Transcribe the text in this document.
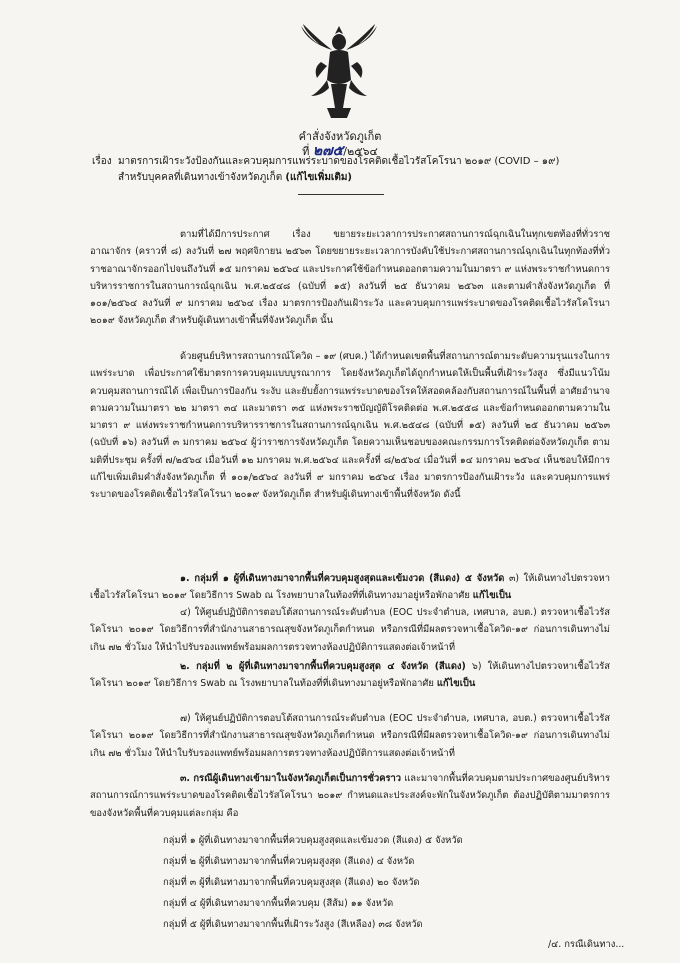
คำสั่งจังหวัดภูเก็ต
ที่ ๒๗๕/๒๕๖๔
เรื่อง มาตรการเฝ้าระวังป้องกันและควบคุมการแพร่ระบาดของโรคติดเชื้อไวรัสโคโรนา ๒๐๑๙ (COVID – ๑๙)
สำหรับบุคคลที่เดินทางเข้าจังหวัดภูเก็ต (แก้ไขเพิ่มเติม)
ตามที่ได้มีการประกาศ เรื่อง ขยายระยะเวลาการประกาศสถานการณ์ฉุกเฉินในทุกเขตท้องที่ทั่วราชอาณาจักร (คราวที่ ๘) ลงวันที่ ๒๗ พฤศจิกายน ๒๕๖๓ โดยขยายระยะเวลาการบังคับใช้ประกาศสถานการณ์ฉุกเฉินในทุกท้องที่ทั่วราชอาณาจักรออกไปจนถึงวันที่ ๑๕ มกราคม ๒๕๖๔ และประกาศใช้ข้อกำหนดออกตามความในมาตรา ๙ แห่งพระราชกำหนดการบริหารราชการในสถานการณ์ฉุกเฉิน พ.ศ.๒๕๔๘ (ฉบับที่ ๑๕) ลงวันที่ ๒๕ ธันวาคม ๒๕๖๓ และตามคำสั่งจังหวัดภูเก็ต ที่ ๑๐๑/๒๕๖๔ ลงวันที่ ๙ มกราคม ๒๕๖๔ เรื่อง มาตรการป้องกันเฝ้าระวัง และควบคุมการแพร่ระบาดของโรคติดเชื้อไวรัสโคโรนา ๒๐๑๙ จังหวัดภูเก็ต สำหรับผู้เดินทางเข้าพื้นที่จังหวัดภูเก็ต นั้น
ด้วยศูนย์บริหารสถานการณ์โควิด – ๑๙ (ศบค.) ได้กำหนดเขตพื้นที่สถานการณ์ตามระดับความรุนแรงในการแพร่ระบาด เพื่อประกาศใช้มาตรการควบคุมแบบบูรณาการ โดยจังหวัดภูเก็ตได้ถูกกำหนดให้เป็นพื้นที่เฝ้าระวังสูง ซึ่งมีแนวโน้มควบคุมสถานการณ์ได้ เพื่อเป็นการป้องกัน ระงับ และยับยั้งการแพร่ระบาดของโรคให้สอดคล้องกับสถานการณ์ในพื้นที่ อาศัยอำนาจตามความในมาตรา ๒๒ มาตรา ๓๔ และมาตรา ๓๕ แห่งพระราชบัญญัติโรคติดต่อ พ.ศ.๒๕๕๘ และข้อกำหนดออกตามความในมาตรา ๙ แห่งพระราชกำหนดการบริหารราชการในสถานการณ์ฉุกเฉิน พ.ศ.๒๕๔๘ (ฉบับที่ ๑๕) ลงวันที่ ๒๕ ธันวาคม ๒๕๖๓ (ฉบับที่ ๑๖) ลงวันที่ ๓ มกราคม ๒๕๖๔ ผู้ว่าราชการจังหวัดภูเก็ต โดยความเห็นชอบของคณะกรรมการโรคติดต่อจังหวัดภูเก็ต ตามมติที่ประชุม ครั้งที่ ๗/๒๕๖๔ เมื่อวันที่ ๑๒ มกราคม พ.ศ.๒๕๖๔ และครั้งที่ ๘/๒๕๖๔ เมื่อวันที่ ๑๔ มกราคม ๒๕๖๔ เห็นชอบให้มีการแก้ไขเพิ่มเติมคำสั่งจังหวัดภูเก็ต ที่ ๑๐๑/๒๕๖๔ ลงวันที่ ๙ มกราคม ๒๕๖๔ เรื่อง มาตรการป้องกันเฝ้าระวัง และควบคุมการแพร่ระบาดของโรคติดเชื้อไวรัสโคโรนา ๒๐๑๙ จังหวัดภูเก็ต สำหรับผู้เดินทางเข้าพื้นที่จังหวัด ดังนี้
๑. กลุ่มที่ ๑ ผู้ที่เดินทางมาจากพื้นที่ควบคุมสูงสุดและเข้มงวด (สีแดง) ๕ จังหวัด ๓) ให้เดินทางไปตรวจหาเชื้อไวรัสโคโรนา ๒๐๑๙ โดยวิธีการ Swab ณ โรงพยาบาลในท้องที่ที่เดินทางมาอยู่หรือพักอาศัย แก้ไขเป็น
๔) ให้ศูนย์ปฏิบัติการตอบโต้สถานการณ์ระดับตำบล (EOC ประจำตำบล, เทศบาล, อบต.) ตรวจหาเชื้อไวรัสโคโรนา ๒๐๑๙ โดยวิธีการที่สำนักงานสาธารณสุขจังหวัดภูเก็ตกำหนด หรือกรณีที่มีผลตรวจหาเชื้อโควิด-๑๙ ก่อนการเดินทางไม่เกิน ๗๒ ชั่วโมง ให้นำไปรับรองแพทย์พร้อมผลการตรวจทางห้องปฏิบัติการแสดงต่อเจ้าหน้าที่
๒. กลุ่มที่ ๒ ผู้ที่เดินทางมาจากพื้นที่ควบคุมสูงสุด ๔ จังหวัด (สีแดง) ๖) ให้เดินทางไปตรวจหาเชื้อไวรัสโคโรนา ๒๐๑๙ โดยวิธีการ Swab ณ โรงพยาบาลในท้องที่ที่เดินทางมาอยู่หรือพักอาศัย แก้ไขเป็น
๗) ให้ศูนย์ปฏิบัติการตอบโต้สถานการณ์ระดับตำบล (EOC ประจำตำบล, เทศบาล, อบต.) ตรวจหาเชื้อไวรัสโคโรนา ๒๐๑๙ โดยวิธีการที่สำนักงานสาธารณสุขจังหวัดภูเก็ตกำหนด หรือกรณีที่มีผลตรวจหาเชื้อโควิด-๑๙ ก่อนการเดินทางไม่เกิน ๗๒ ชั่วโมง ให้นำใบรับรองแพทย์พร้อมผลการตรวจทางห้องปฏิบัติการแสดงต่อเจ้าหน้าที่
๓. กรณีผู้เดินทางเข้ามาในจังหวัดภูเก็ตเป็นการชั่วคราว และมาจากพื้นที่ควบคุมตามประกาศของศูนย์บริหารสถานการณ์การแพร่ระบาดของโรคติดเชื้อไวรัสโคโรนา ๒๐๑๙ กำหนดและประสงค์จะพักในจังหวัดภูเก็ต ต้องปฏิบัติตามมาตรการของจังหวัดพื้นที่ควบคุมแต่ละกลุ่ม คือ
กลุ่มที่ ๑ ผู้ที่เดินทางมาจากพื้นที่ควบคุมสูงสุดและเข้มงวด (สีแดง) ๕ จังหวัด
กลุ่มที่ ๒ ผู้ที่เดินทางมาจากพื้นที่ควบคุมสูงสุด (สีแดง) ๔ จังหวัด
กลุ่มที่ ๓ ผู้ที่เดินทางมาจากพื้นที่ควบคุมสูงสุด (สีแดง) ๒๐ จังหวัด
กลุ่มที่ ๔ ผู้ที่เดินทางมาจากพื้นที่ควบคุม (สีส้ม) ๑๑ จังหวัด
กลุ่มที่ ๕ ผู้ที่เดินทางมาจากพื้นที่เฝ้าระวังสูง (สีเหลือง) ๓๘ จังหวัด
/๔. กรณีเดินทาง...
